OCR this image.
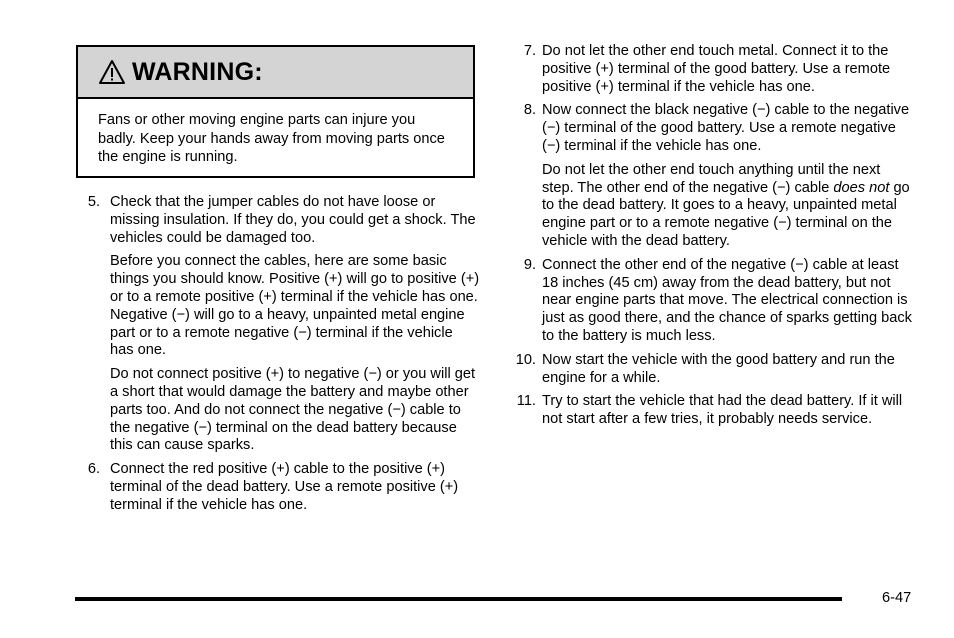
WARNING:
Fans or other moving engine parts can injure you badly. Keep your hands away from moving parts once the engine is running.
5. Check that the jumper cables do not have loose or missing insulation. If they do, you could get a shock. The vehicles could be damaged too.

Before you connect the cables, here are some basic things you should know. Positive (+) will go to positive (+) or to a remote positive (+) terminal if the vehicle has one. Negative (−) will go to a heavy, unpainted metal engine part or to a remote negative (−) terminal if the vehicle has one.

Do not connect positive (+) to negative (−) or you will get a short that would damage the battery and maybe other parts too. And do not connect the negative (−) cable to the negative (−) terminal on the dead battery because this can cause sparks.

6. Connect the red positive (+) cable to the positive (+) terminal of the dead battery. Use a remote positive (+) terminal if the vehicle has one.

7. Do not let the other end touch metal. Connect it to the positive (+) terminal of the good battery. Use a remote positive (+) terminal if the vehicle has one.

8. Now connect the black negative (−) cable to the negative (−) terminal of the good battery. Use a remote negative (−) terminal if the vehicle has one.

Do not let the other end touch anything until the next step. The other end of the negative (−) cable does not go to the dead battery. It goes to a heavy, unpainted metal engine part or to a remote negative (−) terminal on the vehicle with the dead battery.

9. Connect the other end of the negative (−) cable at least 18 inches (45 cm) away from the dead battery, but not near engine parts that move. The electrical connection is just as good there, and the chance of sparks getting back to the battery is much less.

10. Now start the vehicle with the good battery and run the engine for a while.

11. Try to start the vehicle that had the dead battery. If it will not start after a few tries, it probably needs service.

6-47
